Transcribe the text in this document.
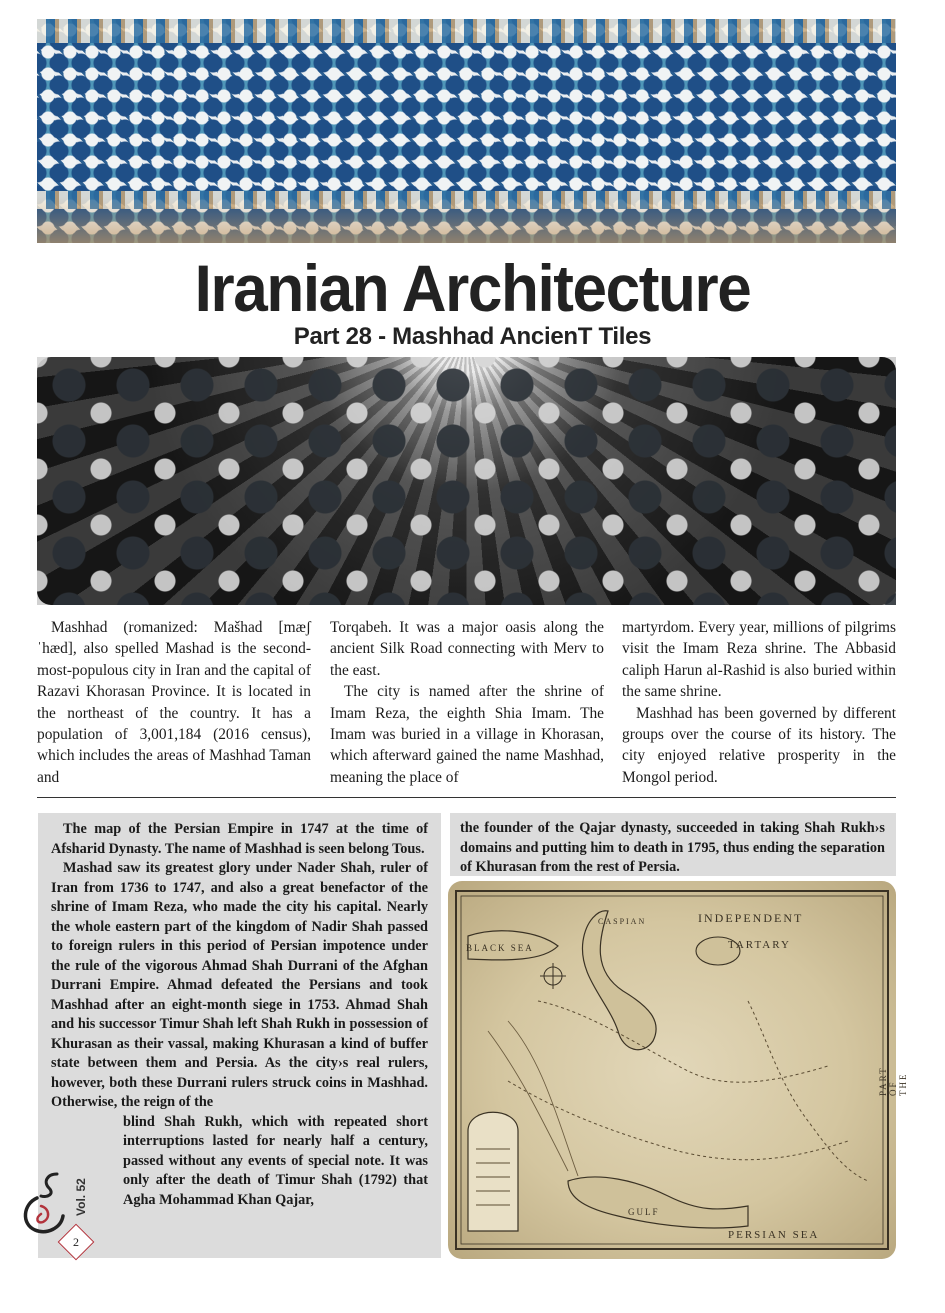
Iranian Architecture
Part 28 - Mashhad AncienT Tiles

Mashhad (romanized: Mašhad [mæʃˈhæd], also spelled Mashad is the second-most-populous city in Iran and the capital of Razavi Khorasan Province. It is located in the northeast of the country. It has a population of 3,001,184 (2016 census), which includes the areas of Mashhad Taman and

Torqabeh. It was a major oasis along the ancient Silk Road connecting with Merv to the east.

The city is named after the shrine of Imam Reza, the eighth Shia Imam. The Imam was buried in a village in Khorasan, which afterward gained the name Mashhad, meaning the place of

martyrdom. Every year, millions of pilgrims visit the Imam Reza shrine. The Abbasid caliph Harun al-Rashid is also buried within the same shrine.

Mashhad has been governed by different groups over the course of its history. The city enjoyed relative prosperity in the Mongol period.

The map of the Persian Empire in 1747 at the time of Afsharid Dynasty. The name of Mashhad is seen belong Tous.

Mashad saw its greatest glory under Nader Shah, ruler of Iran from 1736 to 1747, and also a great benefactor of the shrine of Imam Reza, who made the city his capital. Nearly the whole eastern part of the kingdom of Nadir Shah passed to foreign rulers in this period of Persian impotence under the rule of the vigorous Ahmad Shah Durrani of the Afghan Durrani Empire. Ahmad defeated the Persians and took Mashhad after an eight-month siege in 1753. Ahmad Shah and his successor Timur Shah left Shah Rukh in possession of Khurasan as their vassal, making Khurasan a kind of buffer state between them and Persia. As the city›s real rulers, however, both these Durrani rulers struck coins in Mashhad. Otherwise, the reign of the

blind Shah Rukh, which with repeated short interruptions lasted for nearly half a century, passed without any events of special note. It was only after the death of Timur Shah (1792) that Agha Mohammad Khan Qajar,

the founder of the Qajar dynasty, succeeded in taking Shah Rukh›s domains and putting him to death in 1795, thus ending the separation of Khurasan from the rest of Persia.

INDEPENDENT
TARTARY
PART OF THE
PERSIAN SEA
GULF
BLACK SEA
CASPIAN
Vol. 52
2
